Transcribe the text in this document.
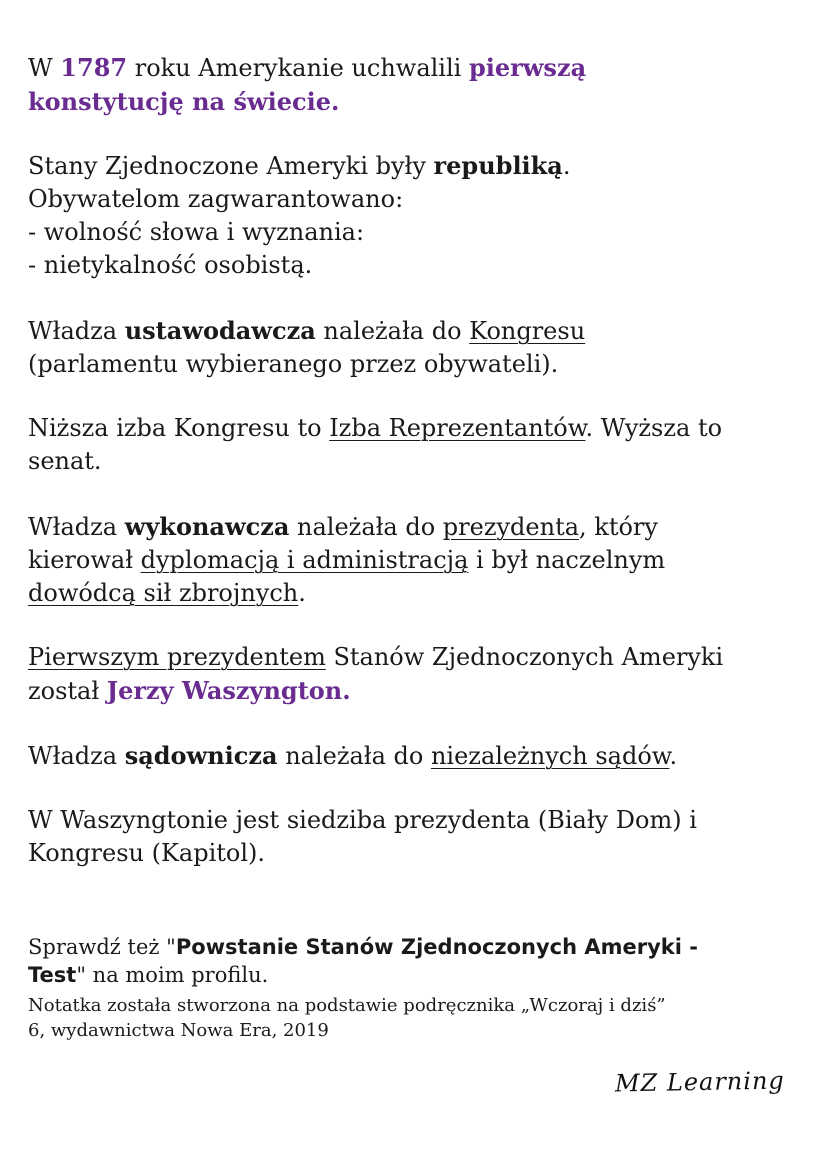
W 1787 roku Amerykanie uchwalili pierwszą
konstytucję na świecie.
Stany Zjednoczone Ameryki były republiką.
Obywatelom zagwarantowano:
- wolność słowa i wyznania:
- nietykalność osobistą.
Władza ustawodawcza należała do Kongresu
(parlamentu wybieranego przez obywateli).
Niższa izba Kongresu to Izba Reprezentantów. Wyższa to
senat.
Władza wykonawcza należała do prezydenta, który
kierował dyplomacją i administracją i był naczelnym
dowódcą sił zbrojnych.
Pierwszym prezydentem Stanów Zjednoczonych Ameryki
został Jerzy Waszyngton.
Władza sądownicza należała do niezależnych sądów.
W Waszyngtonie jest siedziba prezydenta (Biały Dom) i
Kongresu (Kapitol).
Sprawdź też "Powstanie Stanów Zjednoczonych Ameryki -
Test" na moim profilu.
Notatka została stworzona na podstawie podręcznika „Wczoraj i dziś”
6, wydawnictwa Nowa Era, 2019
MZ Learning
